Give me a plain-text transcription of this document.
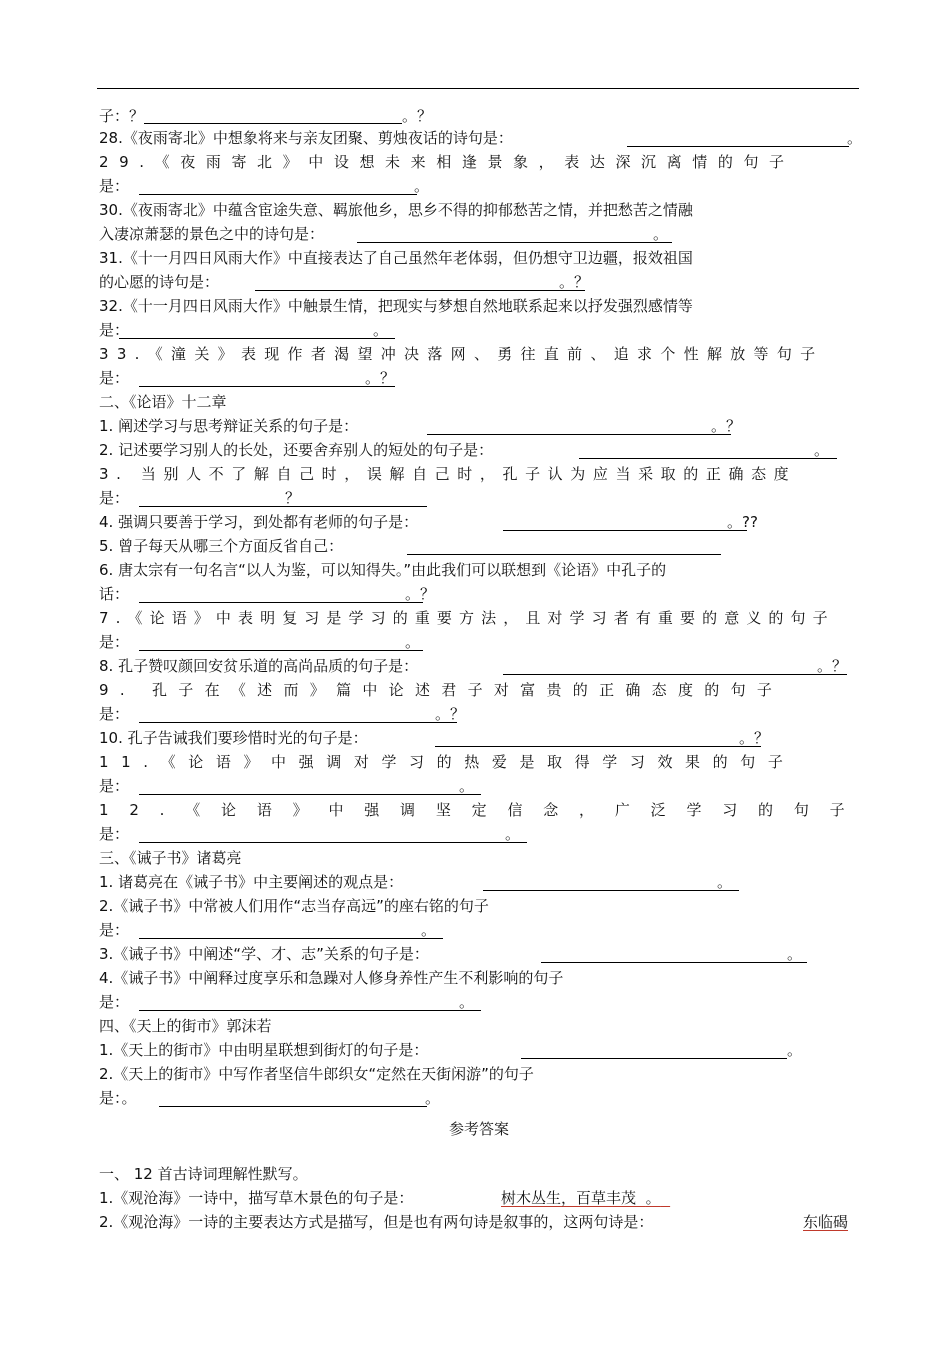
子：？	。？
28.《夜雨寄北》中想象将来与亲友团聚、剪烛夜话的诗句是：	。
29.《夜雨寄北》中设想未来相逢景象，表达深沉离情的句子
是：	。
30.《夜雨寄北》中蕴含宦途失意、羁旅他乡，思乡不得的抑郁愁苦之情，并把愁苦之情融
入凄凉萧瑟的景色之中的诗句是：	。
31.《十一月四日风雨大作》中直接表达了自己虽然年老体弱，但仍想守卫边疆，报效祖国
的心愿的诗句是：	。？
32.《十一月四日风雨大作》中触景生情，把现实与梦想自然地联系起来以抒发强烈感情等
是：	。
33.《潼关》表现作者渴望冲决落网、勇往直前、追求个性解放等句子
是：	。？
二、《论语》十二章
1. 阐述学习与思考辩证关系的句子是：	。？
2. 记述要学习别人的长处，还要舍弃别人的短处的句子是：	。
3. 当别人不了解自己时，误解自己时，孔子认为应当采取的正确态度
是：	？
4. 强调只要善于学习，到处都有老师的句子是：	。??
5. 曾子每天从哪三个方面反省自己：
6. 唐太宗有一句名言“以人为鉴，可以知得失。”由此我们可以联想到《论语》中孔子的
话：	。？
7.《论语》中表明复习是学习的重要方法，且对学习者有重要的意义的句子
是：	。
8. 孔子赞叹颜回安贫乐道的高尚品质的句子是：	。？
9. 孔子在《述而》篇中论述君子对富贵的正确态度的句子
是：	。？
10. 孔子告诫我们要珍惜时光的句子是：	。？
11.《论语》中强调对学习的热爱是取得学习效果的句子
是：	。
12.《论语》中强调坚定信念，广泛学习的句子
是：	。
三、《诫子书》诸葛亮
1. 诸葛亮在《诫子书》中主要阐述的观点是：	。
2.《诫子书》中常被人们用作“志当存高远”的座右铭的句子
是：	。
3.《诫子书》中阐述“学、才、志”关系的句子是：	。
4.《诫子书》中阐释过度享乐和急躁对人修身养性产生不利影响的句子
是：	。
四、《天上的街市》郭沫若
1.《天上的街市》中由明星联想到街灯的句子是：	。
2.《天上的街市》中写作者坚信牛郎织女“定然在天街闲游”的句子
是：。	。
参考答案
一、 12 首古诗词理解性默写。
1.《观沧海》一诗中，描写草木景色的句子是：	树木丛生，百草丰茂 。
2.《观沧海》一诗的主要表达方式是描写，但是也有两句诗是叙事的，这两句诗是：	东临碣
